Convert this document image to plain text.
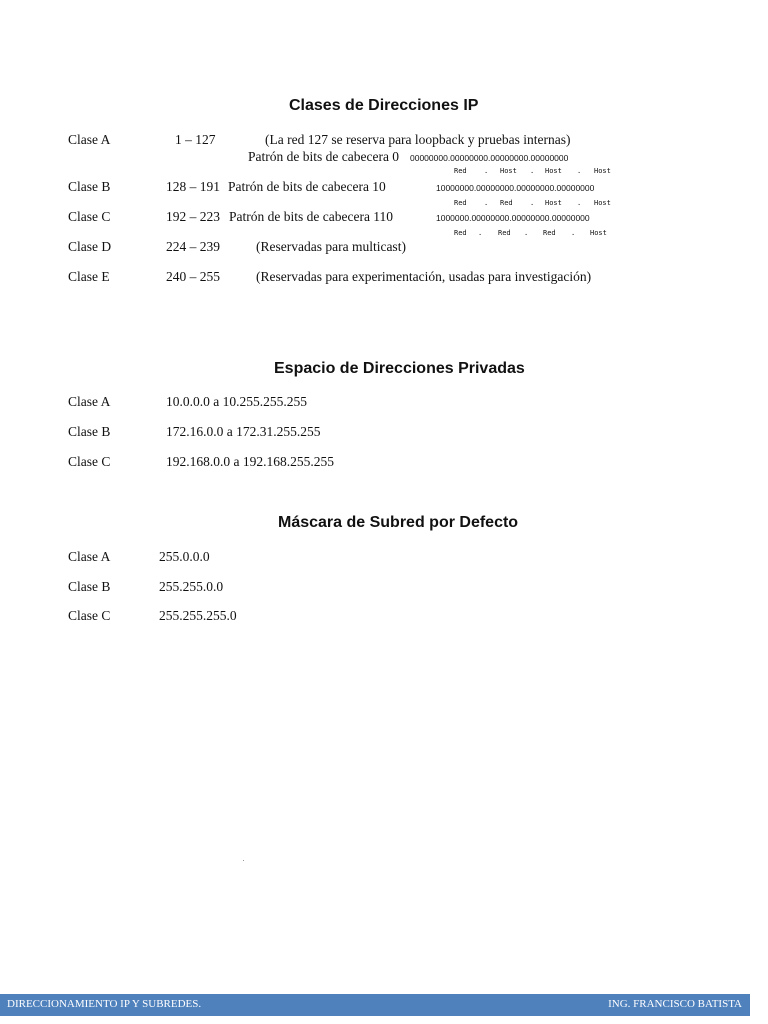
Clases de Direcciones IP
Clase A	1 – 127	(La red 127 se reserva para loopback y pruebas internas)
Patrón de bits de cabecera 0 00000000.00000000.00000000.00000000
Red . Host . Host . Host
Clase B	128 – 191 Patrón de bits de cabecera 10	10000000.00000000.00000000.00000000
Red . Red . Host . Host
Clase C	192 – 223 Patrón de bits de cabecera 110	1000000.00000000.00000000.00000000
Red . Red . Red . Host
Clase D	224 – 239	(Reservadas para multicast)
Clase E	240 – 255	(Reservadas para experimentación, usadas para investigación)
Espacio de Direcciones Privadas
Clase A	10.0.0.0 a 10.255.255.255
Clase B	172.16.0.0 a 172.31.255.255
Clase C	192.168.0.0 a 192.168.255.255
Máscara de Subred por Defecto
Clase A	255.0.0.0
Clase B	255.255.0.0
Clase C	255.255.255.0
DIRECCIONAMIENTO IP Y SUBREDES.	ING. FRANCISCO BATISTA
